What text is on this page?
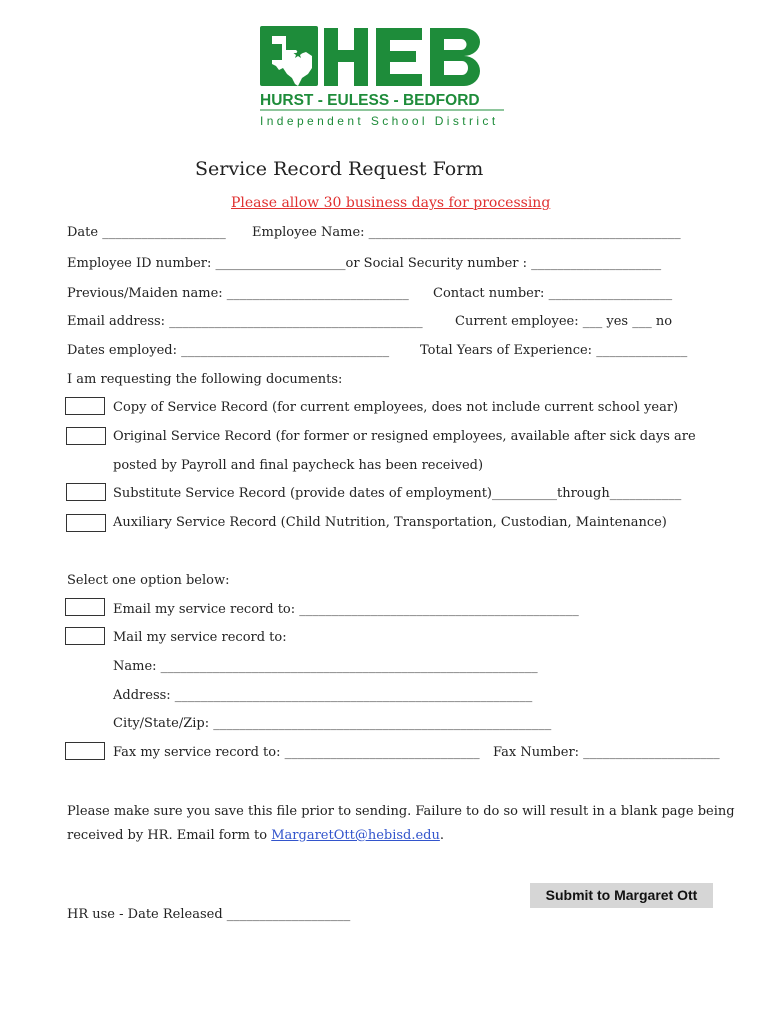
HURST - EULESS - BEDFORD
Independent School District
Service Record Request Form
Please allow 30 business days for processing
Date ___________________ Employee Name: ________________________________________________
Employee ID number: ____________________or Social Security number : ____________________
Previous/Maiden name: ____________________________ Contact number: ___________________
Email address: _______________________________________ Current employee: ___ yes ___ no
Dates employed: ________________________________ Total Years of Experience: ______________
I am requesting the following documents:
Copy of Service Record (for current employees, does not include current school year)
Original Service Record (for former or resigned employees, available after sick days are
posted by Payroll and final paycheck has been received)
Substitute Service Record (provide dates of employment)__________through___________
Auxiliary Service Record (Child Nutrition, Transportation, Custodian, Maintenance)
Select one option below:
Email my service record to: ___________________________________________
Mail my service record to:
Name: __________________________________________________________
Address: _______________________________________________________
City/State/Zip: ____________________________________________________
Fax my service record to: ______________________________ Fax Number: _____________________
Please make sure you save this file prior to sending. Failure to do so will result in a blank page being
received by HR. Email form to MargaretOtt@hebisd.edu.
Submit to Margaret Ott
HR use - Date Released ___________________
